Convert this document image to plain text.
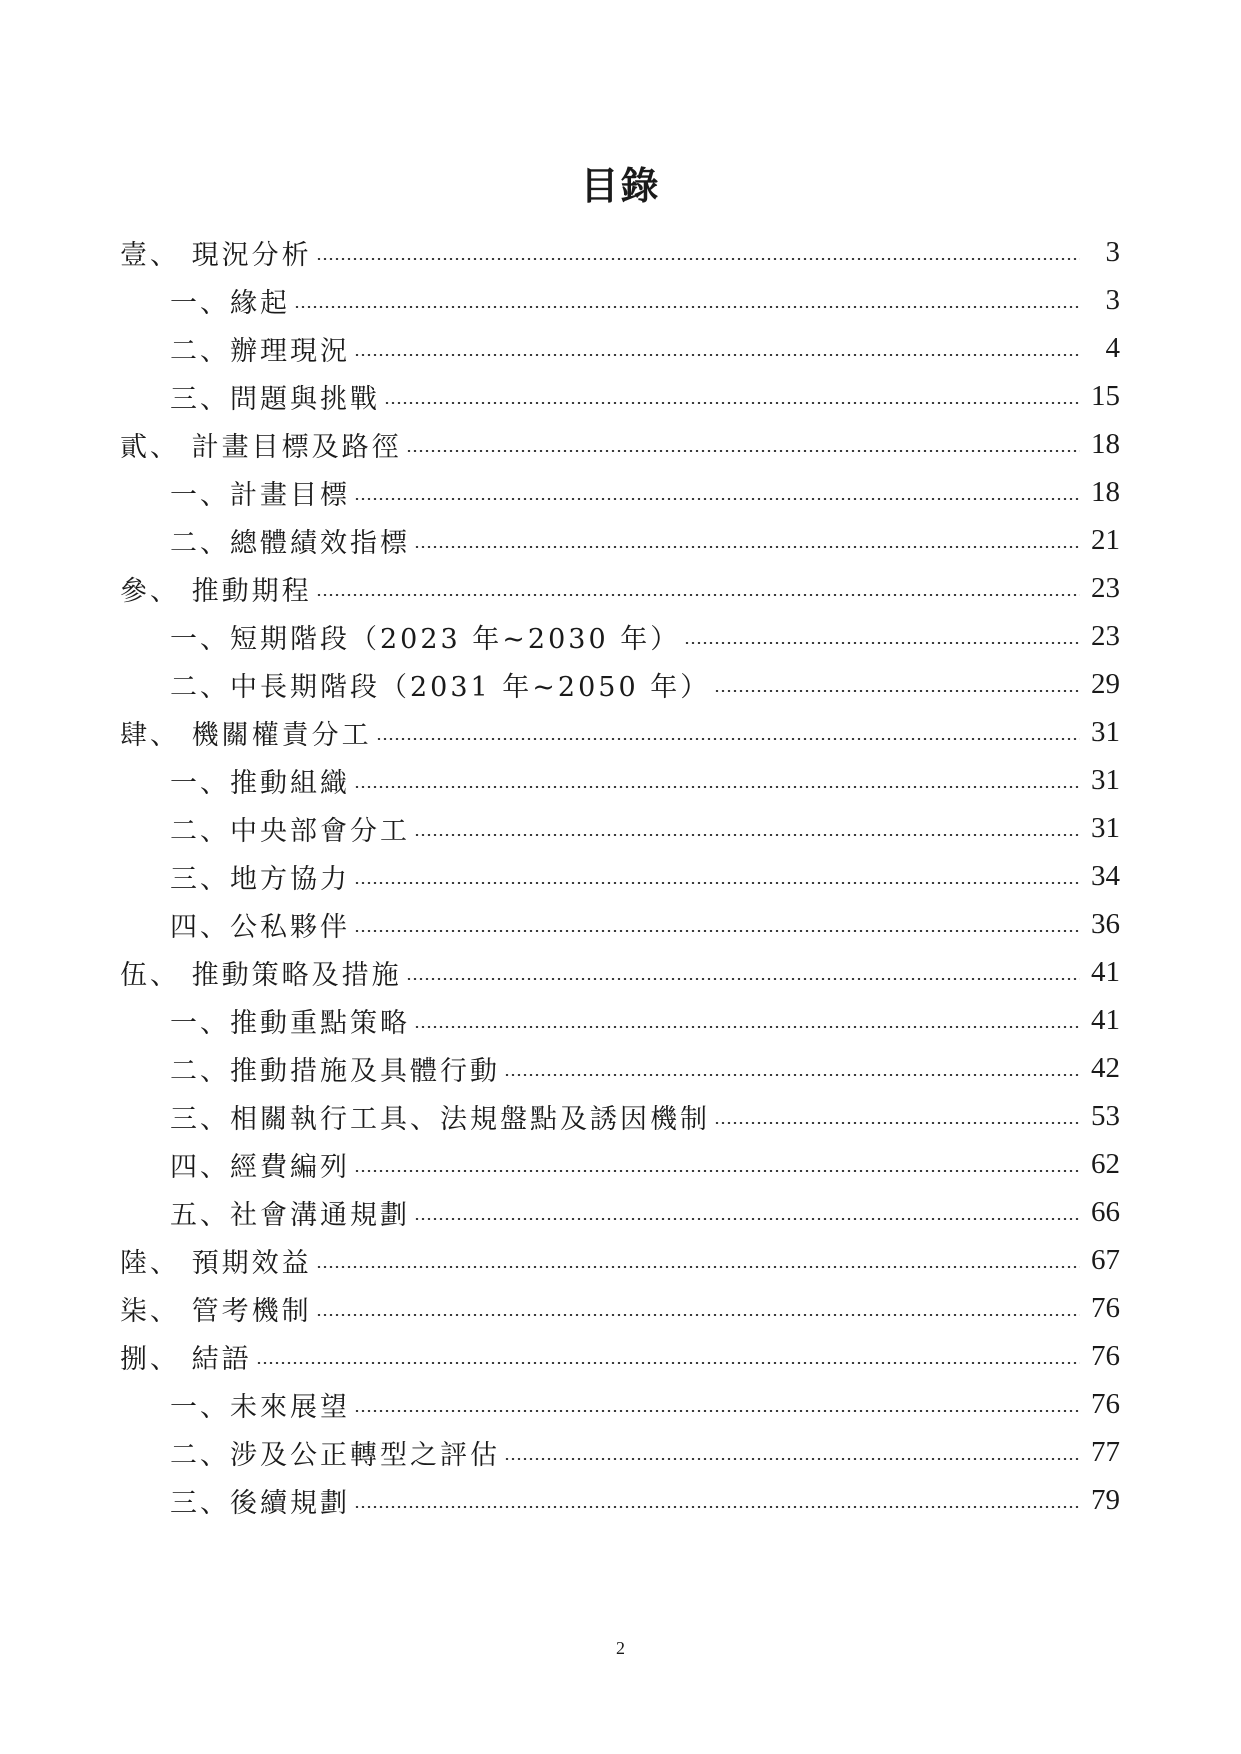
目錄
壹、 現況分析	3
一、緣起	3
二、辦理現況	4
三、問題與挑戰	15
貳、 計畫目標及路徑	18
一、計畫目標	18
二、總體績效指標	21
參、 推動期程	23
一、短期階段（2023 年~2030 年）	23
二、中長期階段（2031 年~2050 年）	29
肆、 機關權責分工	31
一、推動組織	31
二、中央部會分工	31
三、地方協力	34
四、公私夥伴	36
伍、 推動策略及措施	41
一、推動重點策略	41
二、推動措施及具體行動	42
三、相關執行工具、法規盤點及誘因機制	53
四、經費編列	62
五、社會溝通規劃	66
陸、 預期效益	67
柒、 管考機制	76
捌、 結語	76
一、未來展望	76
二、涉及公正轉型之評估	77
三、後續規劃	79
2
